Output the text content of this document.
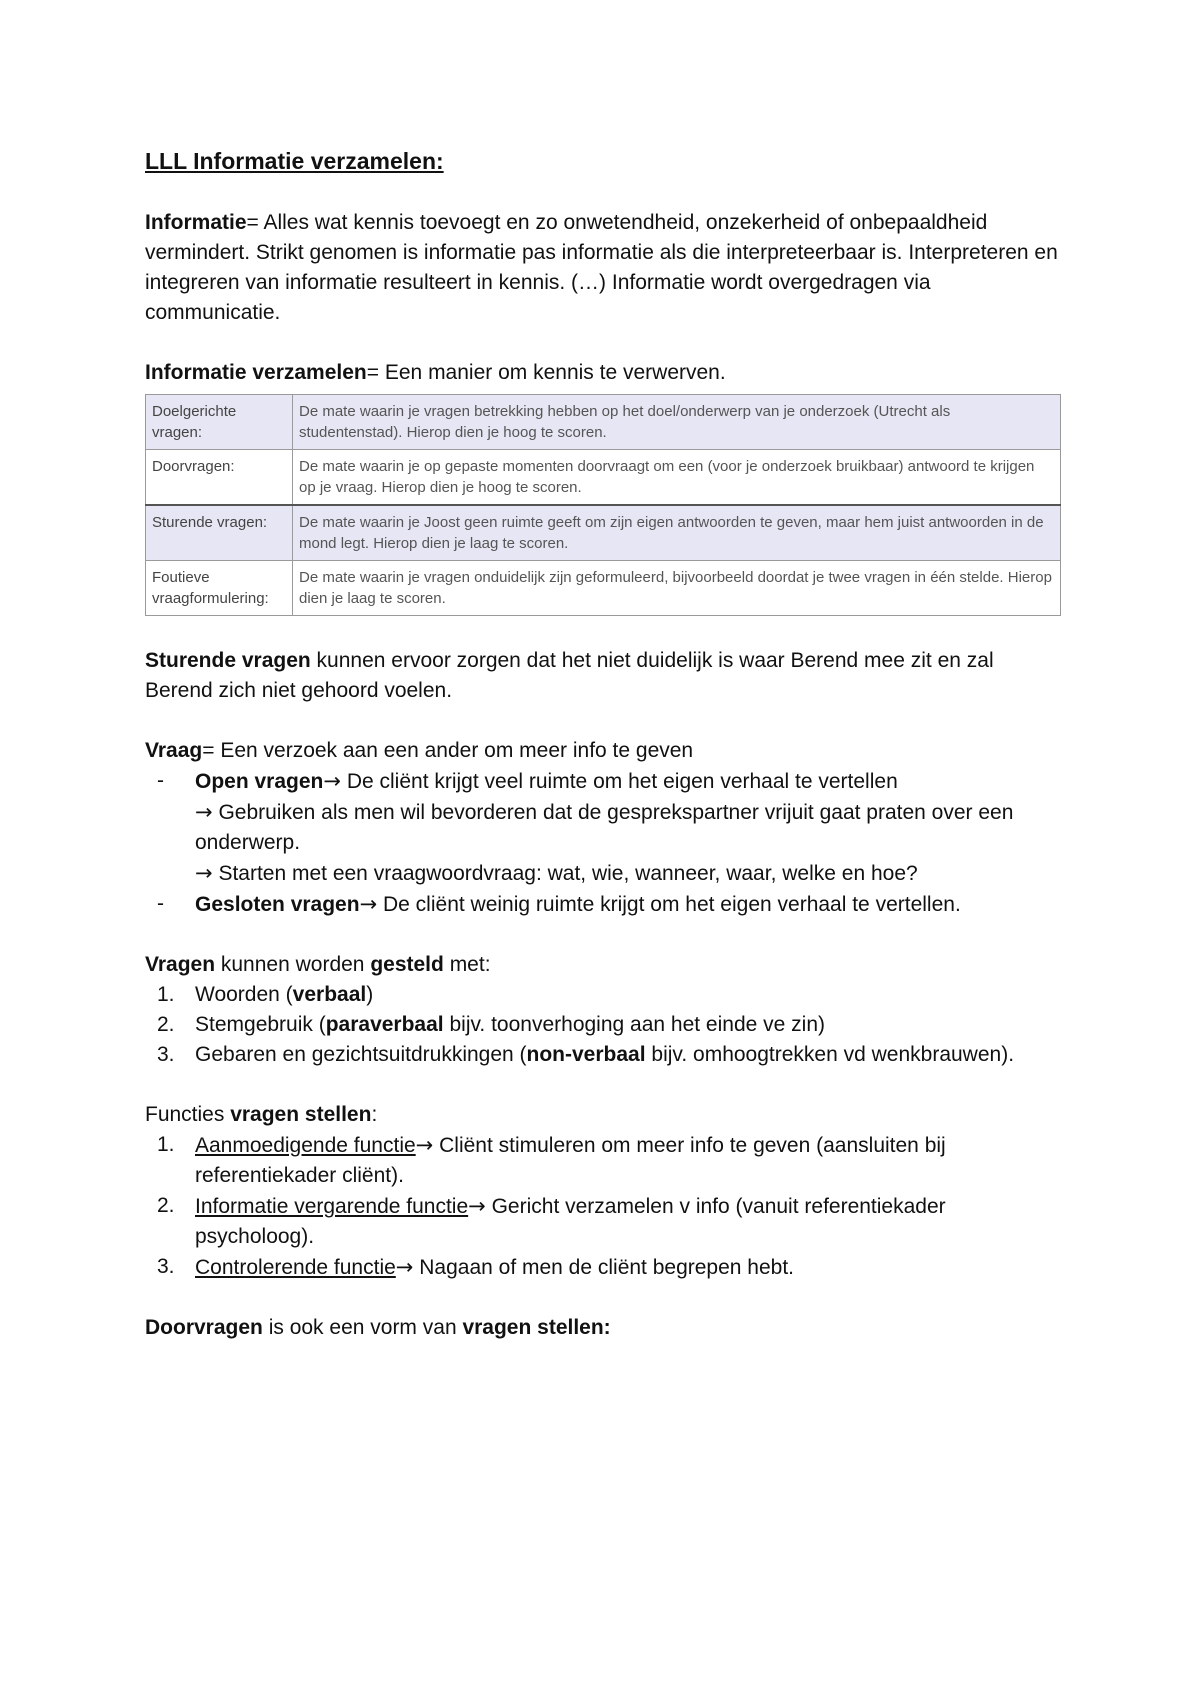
LLL Informatie verzamelen:

Informatie= Alles wat kennis toevoegt en zo onwetendheid, onzekerheid of onbepaaldheid vermindert. Strikt genomen is informatie pas informatie als die interpreteerbaar is. Interpreteren en integreren van informatie resulteert in kennis. (…) Informatie wordt overgedragen via communicatie.

Informatie verzamelen= Een manier om kennis te verwerven.

Doelgerichte vragen:	De mate waarin je vragen betrekking hebben op het doel/onderwerp van je onderzoek (Utrecht als studentenstad). Hierop dien je hoog te scoren.
Doorvragen:	De mate waarin je op gepaste momenten doorvraagt om een (voor je onderzoek bruikbaar) antwoord te krijgen op je vraag. Hierop dien je hoog te scoren.
Sturende vragen:	De mate waarin je Joost geen ruimte geeft om zijn eigen antwoorden te geven, maar hem juist antwoorden in de mond legt. Hierop dien je laag te scoren.
Foutieve vraagformulering:	De mate waarin je vragen onduidelijk zijn geformuleerd, bijvoorbeeld doordat je twee vragen in één stelde. Hierop dien je laag te scoren.

Sturende vragen kunnen ervoor zorgen dat het niet duidelijk is waar Berend mee zit en zal Berend zich niet gehoord voelen.

Vraag= Een verzoek aan een ander om meer info te geven

- Open vragen→ De cliënt krijgt veel ruimte om het eigen verhaal te vertellen
→ Gebruiken als men wil bevorderen dat de gesprekspartner vrijuit gaat praten over een onderwerp.
→ Starten met een vraagwoordvraag: wat, wie, wanneer, waar, welke en hoe?
- Gesloten vragen→ De cliënt weinig ruimte krijgt om het eigen verhaal te vertellen.

Vragen kunnen worden gesteld met:

1. Woorden (verbaal)
2. Stemgebruik (paraverbaal bijv. toonverhoging aan het einde ve zin)
3. Gebaren en gezichtsuitdrukkingen (non-verbaal bijv. omhoogtrekken vd wenkbrauwen).

Functies vragen stellen:

1. Aanmoedigende functie→ Cliënt stimuleren om meer info te geven (aansluiten bij referentiekader cliënt).
2. Informatie vergarende functie→ Gericht verzamelen v info (vanuit referentiekader psycholoog).
3. Controlerende functie→ Nagaan of men de cliënt begrepen hebt.

Doorvragen is ook een vorm van vragen stellen:
